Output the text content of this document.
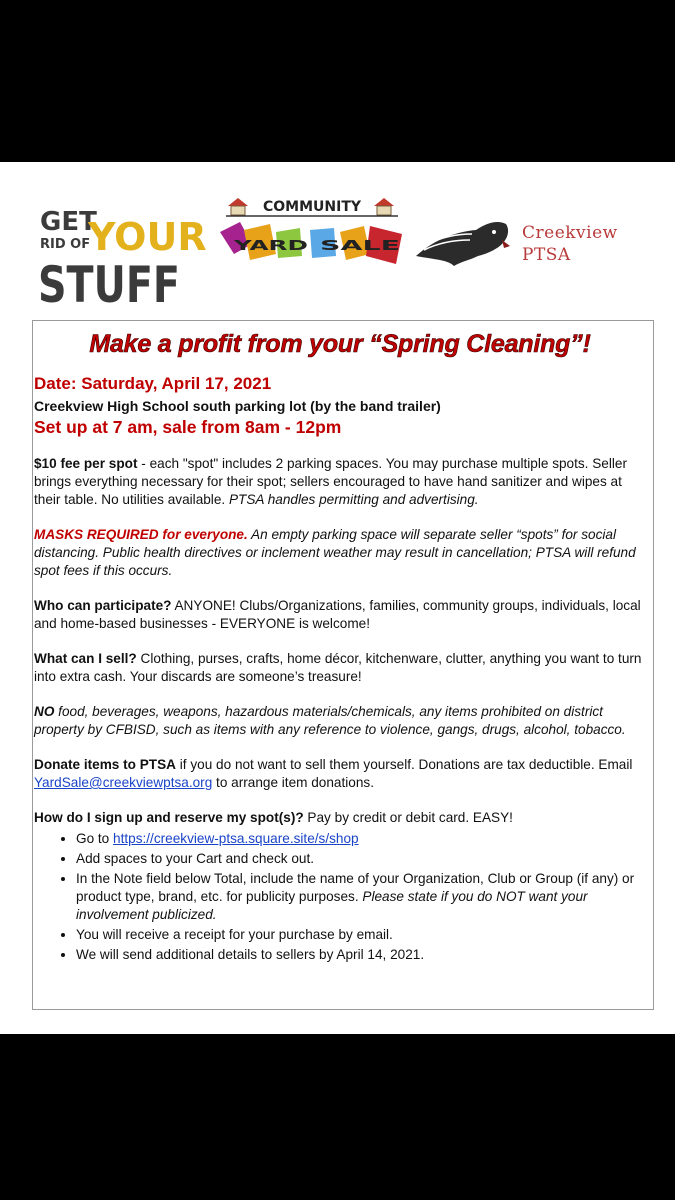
GET
RID OF
YOUR
STUFF
COMMUNITY
YARD SALE
Creekview
PTSA
Make a profit from your “Spring Cleaning”!
Date: Saturday, April 17, 2021
Creekview High School south parking lot (by the band trailer)
Set up at 7 am, sale from 8am - 12pm

$10 fee per spot - each "spot" includes 2 parking spaces. You may purchase multiple spots. Seller brings everything necessary for their spot; sellers encouraged to have hand sanitizer and wipes at their table. No utilities available. PTSA handles permitting and advertising.

MASKS REQUIRED for everyone. An empty parking space will separate seller “spots” for social distancing. Public health directives or inclement weather may result in cancellation; PTSA will refund spot fees if this occurs.

Who can participate? ANYONE! Clubs/Organizations, families, community groups, individuals, local and home-based businesses - EVERYONE is welcome!

What can I sell? Clothing, purses, crafts, home décor, kitchenware, clutter, anything you want to turn into extra cash. Your discards are someone’s treasure!

NO food, beverages, weapons, hazardous materials/chemicals, any items prohibited on district property by CFBISD, such as items with any reference to violence, gangs, drugs, alcohol, tobacco.

Donate items to PTSA if you do not want to sell them yourself. Donations are tax deductible. Email YardSale@creekviewptsa.org to arrange item donations.

How do I sign up and reserve my spot(s)? Pay by credit or debit card. EASY!
• Go to https://creekview-ptsa.square.site/s/shop
• Add spaces to your Cart and check out.
• In the Note field below Total, include the name of your Organization, Club or Group (if any) or product type, brand, etc. for publicity purposes. Please state if you do NOT want your involvement publicized.
• You will receive a receipt for your purchase by email.
• We will send additional details to sellers by April 14, 2021.
